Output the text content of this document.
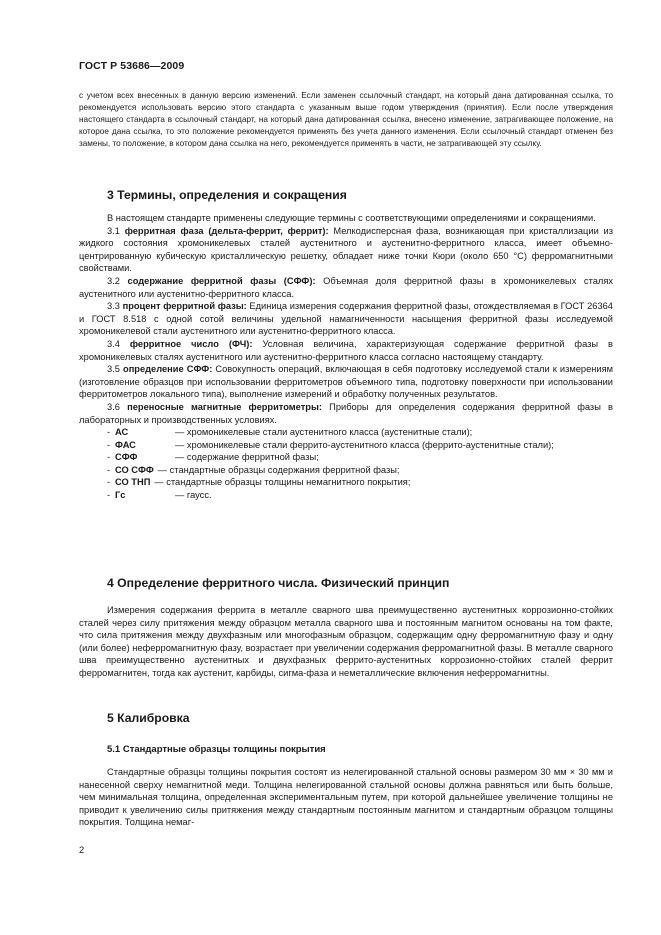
ГОСТ Р 53686—2009
с учетом всех внесенных в данную версию изменений. Если заменен ссылочный стандарт, на который дана датированная ссылка, то рекомендуется использовать версию этого стандарта с указанным выше годом утверждения (принятия). Если после утверждения настоящего стандарта в ссылочный стандарт, на который дана датированная ссылка, внесено изменение, затрагивающее положение, на которое дана ссылка, то это положение рекомендуется применять без учета данного изменения. Если ссылочный стандарт отменен без замены, то положение, в котором дана ссылка на него, рекомендуется применять в части, не затрагивающей эту ссылку.
3 Термины, определения и сокращения
В настоящем стандарте применены следующие термины с соответствующими определениями и сокращениями.
3.1 ферритная фаза (дельта-феррит, феррит): Мелкодисперсная фаза, возникающая при кристаллизации из жидкого состояния хромоникелевых сталей аустенитного и аустенитно-ферритного класса, имеет объемно-центрированную кубическую кристаллическую решетку, обладает ниже точки Кюри (около 650 °C) ферромагнитными свойствами.
3.2 содержание ферритной фазы (СФФ): Объемная доля ферритной фазы в хромоникелевых сталях аустенитного или аустенитно-ферритного класса.
3.3 процент ферритной фазы: Единица измерения содержания ферритной фазы, отождествляемая в ГОСТ 26364 и ГОСТ 8.518 с одной сотой величины удельной намагниченности насыщения ферритной фазы исследуемой хромоникелевой стали аустенитного или аустенитно-ферритного класса.
3.4 ферритное число (ФЧ): Условная величина, характеризующая содержание ферритной фазы в хромоникелевых сталях аустенитного или аустенитно-ферритного класса согласно настоящему стандарту.
3.5 определение СФФ: Совокупность операций, включающая в себя подготовку исследуемой стали к измерениям (изготовление образцов при использовании ферритометров объемного типа, подготовку поверхности при использовании ферритометров локального типа), выполнение измерений и обработку полученных результатов.
3.6 переносные магнитные ферритометры: Приборы для определения содержания ферритной фазы в лабораторных и производственных условиях.
- АС	— хромоникелевые стали аустенитного класса (аустенитные стали);
- ФАС	— хромоникелевые стали феррито-аустенитного класса (феррито-аустенитные стали);
- СФФ	— содержание ферритной фазы;
- СО СФФ — стандартные образцы содержания ферритной фазы;
- СО ТНП — стандартные образцы толщины немагнитного покрытия;
- Гс	— гаусс.
4 Определение ферритного числа. Физический принцип
Измерения содержания феррита в металле сварного шва преимущественно аустенитных коррозионно-стойких сталей через силу притяжения между образцом металла сварного шва и постоянным магнитом основаны на том факте, что сила притяжения между двухфазным или многофазным образцом, содержащим одну ферромагнитную фазу и одну (или более) неферромагнитную фазу, возрастает при увеличении содержания ферромагнитной фазы. В металле сварного шва преимущественно аустенитных и двухфазных феррито-аустенитных коррозионно-стойких сталей феррит ферромагнитен, тогда как аустенит, карбиды, сигма-фаза и неметаллические включения неферромагнитны.
5 Калибровка
5.1 Стандартные образцы толщины покрытия
Стандартные образцы толщины покрытия состоят из нелегированной стальной основы размером 30 мм × 30 мм и нанесенной сверху немагнитной меди. Толщина нелегированной стальной основы должна равняться или быть больше, чем минимальная толщина, определенная экспериментальным путем, при которой дальнейшее увеличение толщины не приводит к увеличению силы притяжения между стандартным постоянным магнитом и стандартным образцом толщины покрытия. Толщина немаг-
2
